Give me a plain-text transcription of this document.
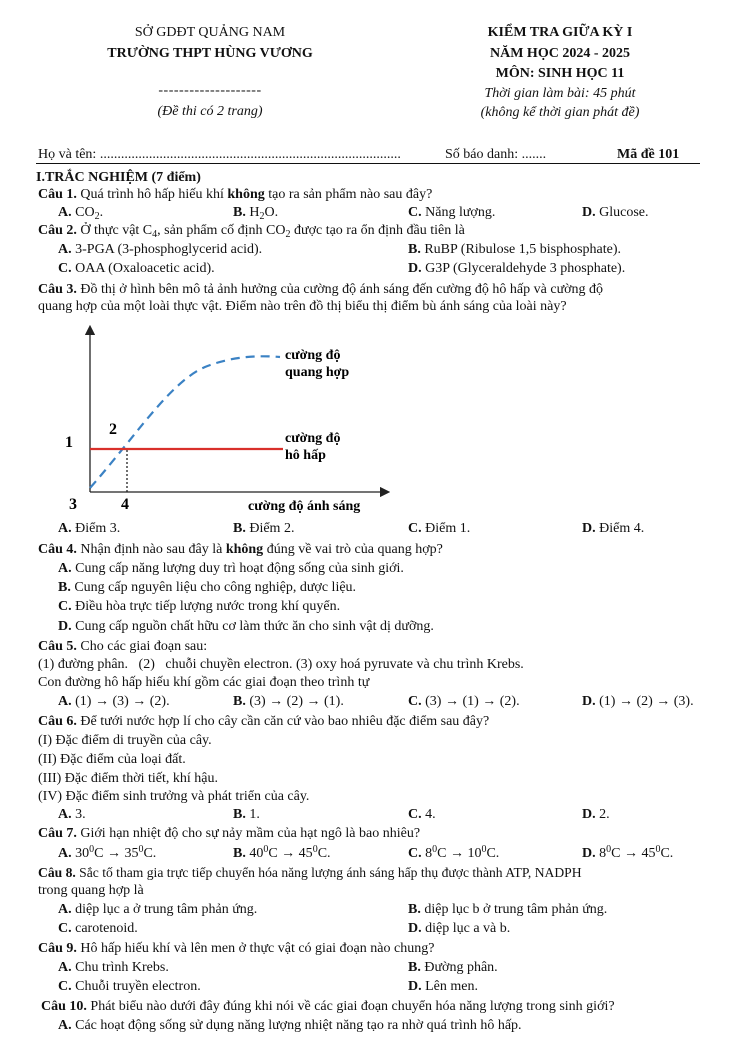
SỞ GDĐT QUẢNG NAM
TRƯỜNG THPT HÙNG VƯƠNG
--------------------
(Đề thi có 2 trang)
KIỂM TRA GIỮA KỲ I
NĂM HỌC 2024 - 2025
MÔN: SINH HỌC 11
Thời gian làm bài: 45 phút
(không kể thời gian phát đề)
Họ và tên: ......................................................................................	Số báo danh: .......	Mã đề 101
I.TRẮC NGHIỆM (7 điểm)
Câu 1. Quá trình hô hấp hiếu khí không tạo ra sản phẩm nào sau đây?
A. $CO_2$.	B. $H_2O$.	C. Năng lượng.	D. Glucose.
Câu 2. Ở thực vật $C_4$, sản phẩm cố định $CO_2$ được tạo ra ổn định đầu tiên là
A. 3-PGA (3-phosphoglycerid acid).	B. RuBP (Ribulose 1,5 bisphosphate).
C. OAA (Oxaloacetic acid).	D. G3P (Glyceraldehyde 3 phosphate).
Câu 3. Đồ thị ở hình bên mô tả ảnh hưởng của cường độ ánh sáng đến cường độ hô hấp và cường độ
quang hợp của một loài thực vật. Điểm nào trên đồ thị biểu thị điểm bù ánh sáng của loài này?
1
2
3	4
cường độ
quang hợp
cường độ
hô hấp
cường độ ánh sáng
A. Điểm 3.	B. Điểm 2.	C. Điểm 1.	D. Điểm 4.
Câu 4. Nhận định nào sau đây là không đúng về vai trò của quang hợp?
A. Cung cấp năng lượng duy trì hoạt động sống của sinh giới.
B. Cung cấp nguyên liệu cho công nghiệp, dược liệu.
C. Điều hòa trực tiếp lượng nước trong khí quyển.
D. Cung cấp nguồn chất hữu cơ làm thức ăn cho sinh vật dị dưỡng.
Câu 5. Cho các giai đoạn sau:
(1) đường phân.   (2)   chuỗi chuyền electron. (3) oxy hoá pyruvate và chu trình Krebs.
Con đường hô hấp hiếu khí gồm các giai đoạn theo trình tự
A. (1) → (3) → (2).	B. (3) → (2) → (1).	C. (3) → (1) → (2).	D. (1) → (2) → (3).
Câu 6. Để tưới nước hợp lí cho cây cần căn cứ vào bao nhiêu đặc điểm sau đây?
(I) Đặc điểm di truyền của cây.
(II) Đặc điểm của loại đất.
(III) Đặc điểm thời tiết, khí hậu.
(IV) Đặc điểm sinh trưởng và phát triển của cây.
A. 3.	B. 1.	C. 4.	D. 2.
Câu 7. Giới hạn nhiệt độ cho sự nảy mầm của hạt ngô là bao nhiêu?
A. $30^0C \to 35^0C$.	B. $40^0C \to 45^0C$.	C. $8^0C \to 10^0C$.	D. $8^0C \to 45^0C$.
Câu 8. Sắc tố tham gia trực tiếp chuyển hóa năng lượng ánh sáng hấp thụ được thành ATP, NADPH
trong quang hợp là
A. diệp lục a ở trung tâm phản ứng.	B. diệp lục b ở trung tâm phản ứng.
C. carotenoid.	D. diệp lục a và b.
Câu 9. Hô hấp hiếu khí và lên men ở thực vật có giai đoạn nào chung?
A. Chu trình Krebs.	B. Đường phân.
C. Chuỗi truyền electron.	D. Lên men.
Câu 10. Phát biểu nào dưới đây đúng khi nói về các giai đoạn chuyển hóa năng lượng trong sinh giới?
A. Các hoạt động sống sử dụng năng lượng nhiệt năng tạo ra nhờ quá trình hô hấp.
